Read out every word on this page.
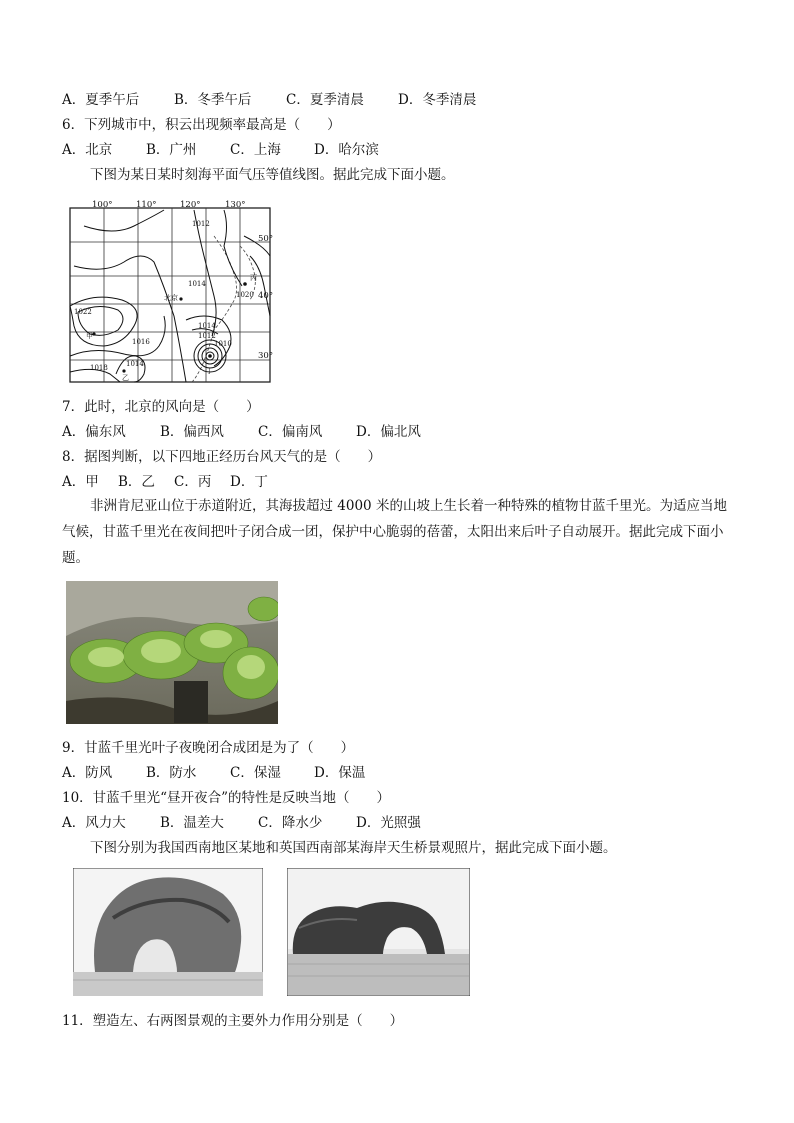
A．夏季午后	B．冬季午后	C．夏季清晨	D．冬季清晨
6．下列城市中，积云出现频率最高是（　　）
A．北京	B．广州 C．上海 D．哈尔滨
下图为某日某时刻海平面气压等值线图。据此完成下面小题。
100°	110°	120°	130°
50°
40°
30°
1012
1014
1020
1022
1016
1014
1018
1014
1012
1010
北京
甲
乙
丙
丁
7．此时，北京的风向是（　　）
A．偏东风	B．偏西风	C．偏南风 D．偏北风
8．据图判断，以下四地正经历台风天气的是（　　）
A．甲 B．乙 C．丙 D．丁
非洲肯尼亚山位于赤道附近，其海拔超过 4000 米的山坡上生长着一种特殊的植物甘蓝千里光。为适应当地气候，甘蓝千里光在夜间把叶子闭合成一团，保护中心脆弱的蓓蕾，太阳出来后叶子自动展开。据此完成下面小题。
9．甘蓝千里光叶子夜晚闭合成团是为了（　　）
A．防风	B．防水 C．保湿 D．保温
10．甘蓝千里光“昼开夜合”的特性是反映当地（　　）
A．风力大	B．温差大	C．降水少 D．光照强
下图分别为我国西南地区某地和英国西南部某海岸天生桥景观照片，据此完成下面小题。
11．塑造左、右两图景观的主要外力作用分别是（　　）
